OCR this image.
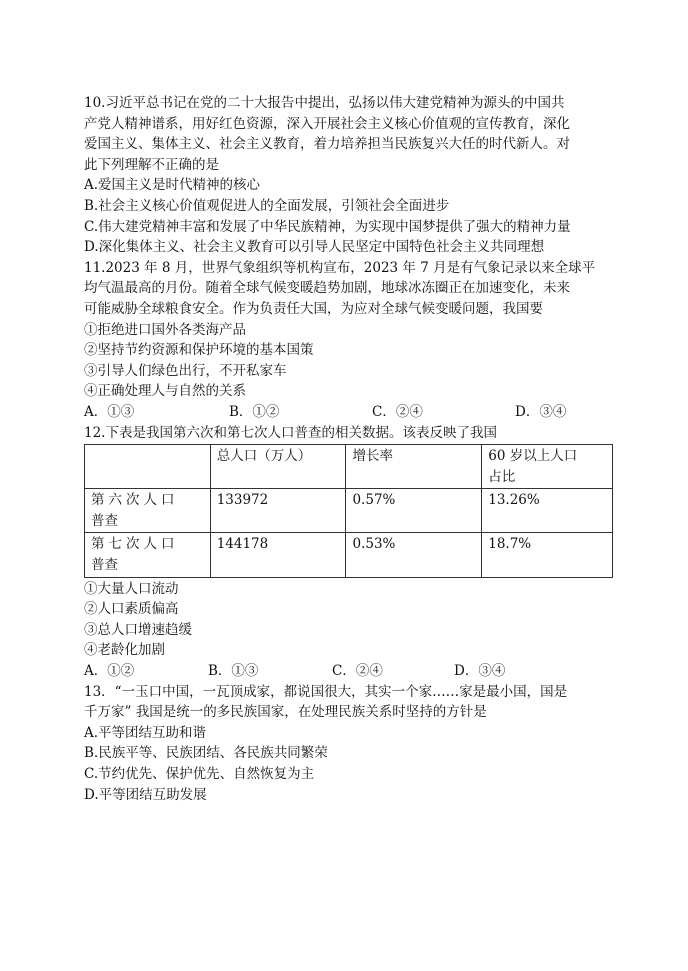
10.习近平总书记在党的二十大报告中提出，弘扬以伟大建党精神为源头的中国共
产党人精神谱系，用好红色资源，深入开展社会主义核心价值观的宣传教育，深化
爱国主义、集体主义、社会主义教育，着力培养担当民族复兴大任的时代新人。对
此下列理解不正确的是
A.爱国主义是时代精神的核心
B.社会主义核心价值观促进人的全面发展，引领社会全面进步
C.伟大建党精神丰富和发展了中华民族精神，为实现中国梦提供了强大的精神力量
D.深化集体主义、社会主义教育可以引导人民坚定中国特色社会主义共同理想
11.2023 年 8 月，世界气象组织等机构宣布，2023 年 7 月是有气象记录以来全球平
均气温最高的月份。随着全球气候变暖趋势加剧，地球冰冻圈正在加速变化，未来
可能威胁全球粮食安全。作为负责任大国，为应对全球气候变暖问题，我国要
①拒绝进口国外各类海产品
②坚持节约资源和保护环境的基本国策
③引导人们绿色出行，不开私家车
④正确处理人与自然的关系
A．①③	B．①②	C．②④	D．③④
12.下表是我国第六次和第七次人口普查的相关数据。该表反映了我国
	总人口（万人）	增长率	60 岁以上人口
占比

第六次人口
普查	133972	0.57%	13.26%

第七次人口
普查	144178	0.53%	18.7%
①大量人口流动
②人口素质偏高
③总人口增速趋缓
④老龄化加剧
A．①②	B．①③	C．②④	D．③④
13．“一玉口中国，一瓦顶成家，都说国很大，其实一个家……家是最小国，国是
千万家” 我国是统一的多民族国家，在处理民族关系时坚持的方针是
A.平等团结互助和谐
B.民族平等、民族团结、各民族共同繁荣
C.节约优先、保护优先、自然恢复为主
D.平等团结互助发展
